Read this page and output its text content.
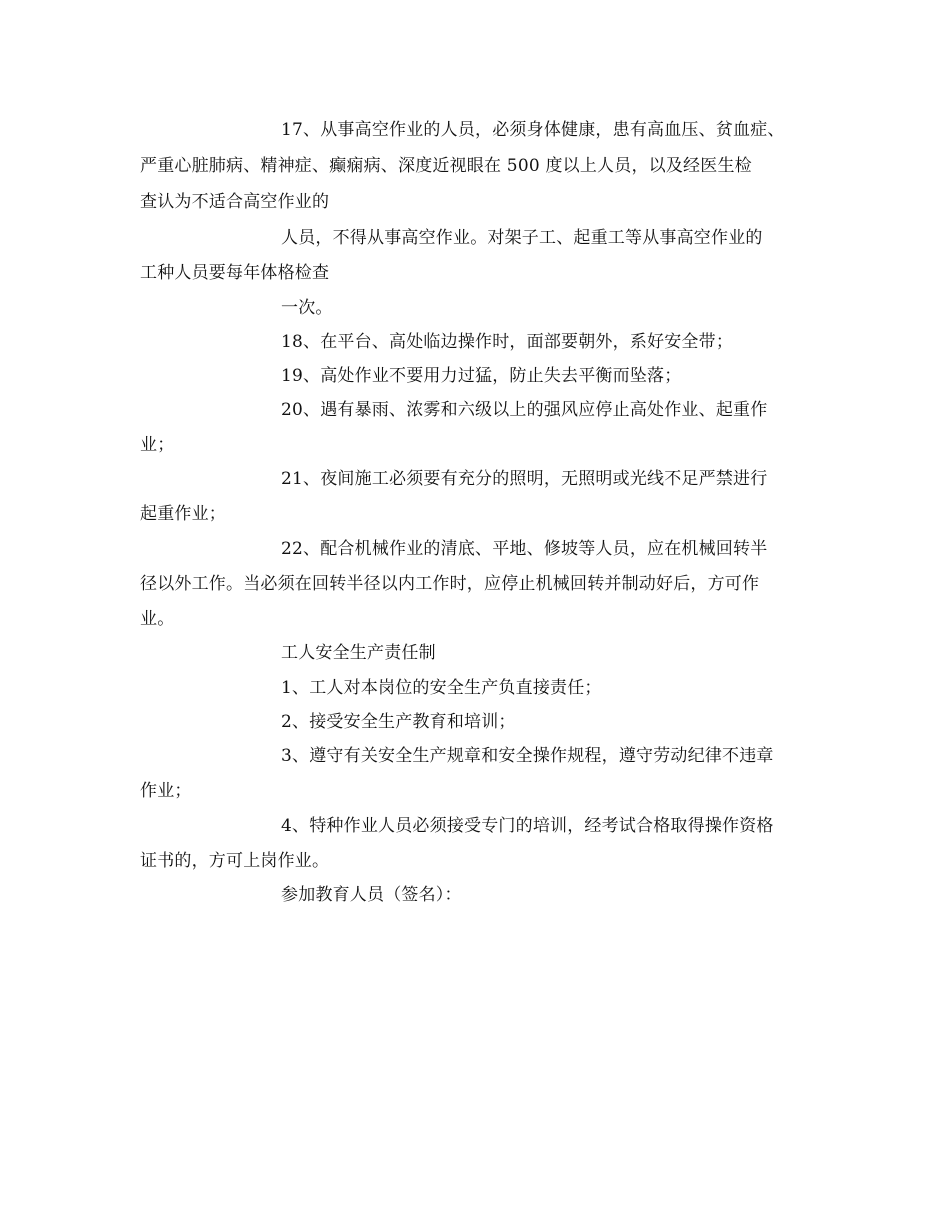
17、从事高空作业的人员，必须身体健康，患有高血压、贫血症、
严重心脏肺病、精神症、癫痫病、深度近视眼在 500 度以上人员，以及经医生检
查认为不适合高空作业的
人员，不得从事高空作业。对架子工、起重工等从事高空作业的
工种人员要每年体格检查
一次。
18、在平台、高处临边操作时，面部要朝外，系好安全带；
19、高处作业不要用力过猛，防止失去平衡而坠落；
20、遇有暴雨、浓雾和六级以上的强风应停止高处作业、起重作
业；
21、夜间施工必须要有充分的照明，无照明或光线不足严禁进行
起重作业；
22、配合机械作业的清底、平地、修坡等人员，应在机械回转半
径以外工作。当必须在回转半径以内工作时，应停止机械回转并制动好后，方可作
业。
工人安全生产责任制
1、工人对本岗位的安全生产负直接责任；
2、接受安全生产教育和培训；
3、遵守有关安全生产规章和安全操作规程，遵守劳动纪律不违章
作业；
4、特种作业人员必须接受专门的培训，经考试合格取得操作资格
证书的，方可上岗作业。
参加教育人员（签名）：
